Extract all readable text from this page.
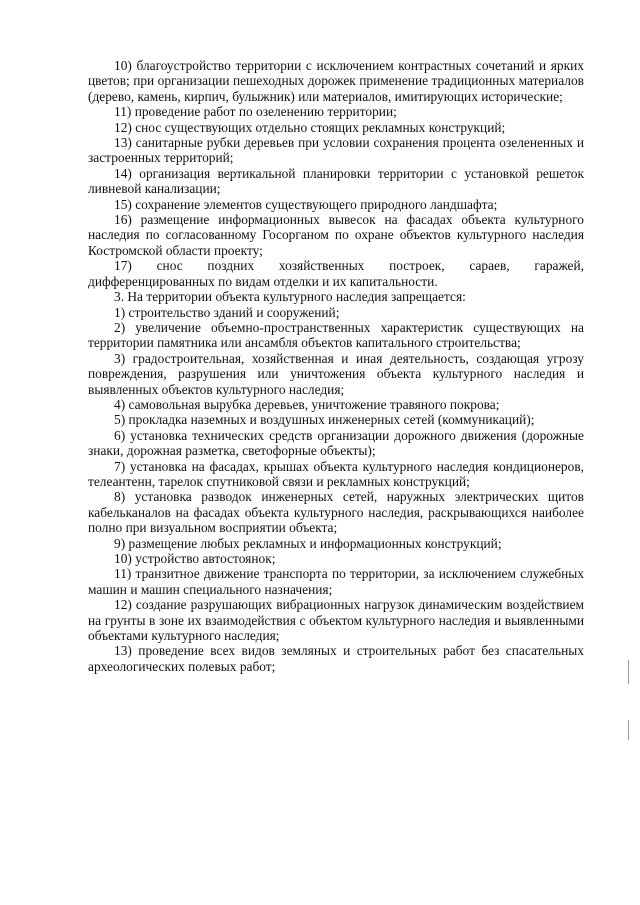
10) благоустройство территории с исключением контрастных сочетаний и ярких цветов; при организации пешеходных дорожек применение традиционных материалов (дерево, камень, кирпич, булыжник) или материалов, имитирующих исторические;

11) проведение работ по озеленению территории;

12) снос существующих отдельно стоящих рекламных конструкций;

13) санитарные рубки деревьев при условии сохранения процента озелененных и застроенных территорий;

14) организация вертикальной планировки территории с установкой решеток ливневой канализации;

15) сохранение элементов существующего природного ландшафта;

16) размещение информационных вывесок на фасадах объекта культурного наследия по согласованному Госорганом по охране объектов культурного наследия Костромской области проекту;

17) снос поздних хозяйственных построек, сараев, гаражей, дифференцированных по видам отделки и их капитальности.

3. На территории объекта культурного наследия запрещается:

1) строительство зданий и сооружений;

2) увеличение объемно-пространственных характеристик существующих на территории памятника или ансамбля объектов капитального строительства;

3) градостроительная, хозяйственная и иная деятельность, создающая угрозу повреждения, разрушения или уничтожения объекта культурного наследия и выявленных объектов культурного наследия;

4) самовольная вырубка деревьев, уничтожение травяного покрова;

5) прокладка наземных и воздушных инженерных сетей (коммуникаций);

6) установка технических средств организации дорожного движения (дорожные знаки, дорожная разметка, светофорные объекты);

7) установка на фасадах, крышах объекта культурного наследия кондиционеров, телеантенн, тарелок спутниковой связи и рекламных конструкций;

8) установка разводок инженерных сетей, наружных электрических щитов кабельканалов на фасадах объекта культурного наследия, раскрывающихся наиболее полно при визуальном восприятии объекта;

9) размещение любых рекламных и информационных конструкций;

10) устройство автостоянок;

11) транзитное движение транспорта по территории, за исключением служебных машин и машин специального назначения;

12) создание разрушающих вибрационных нагрузок динамическим воздействием на грунты в зоне их взаимодействия с объектом культурного наследия и выявленными объектами культурного наследия;

13) проведение всех видов земляных и строительных работ без спасательных археологических полевых работ;
